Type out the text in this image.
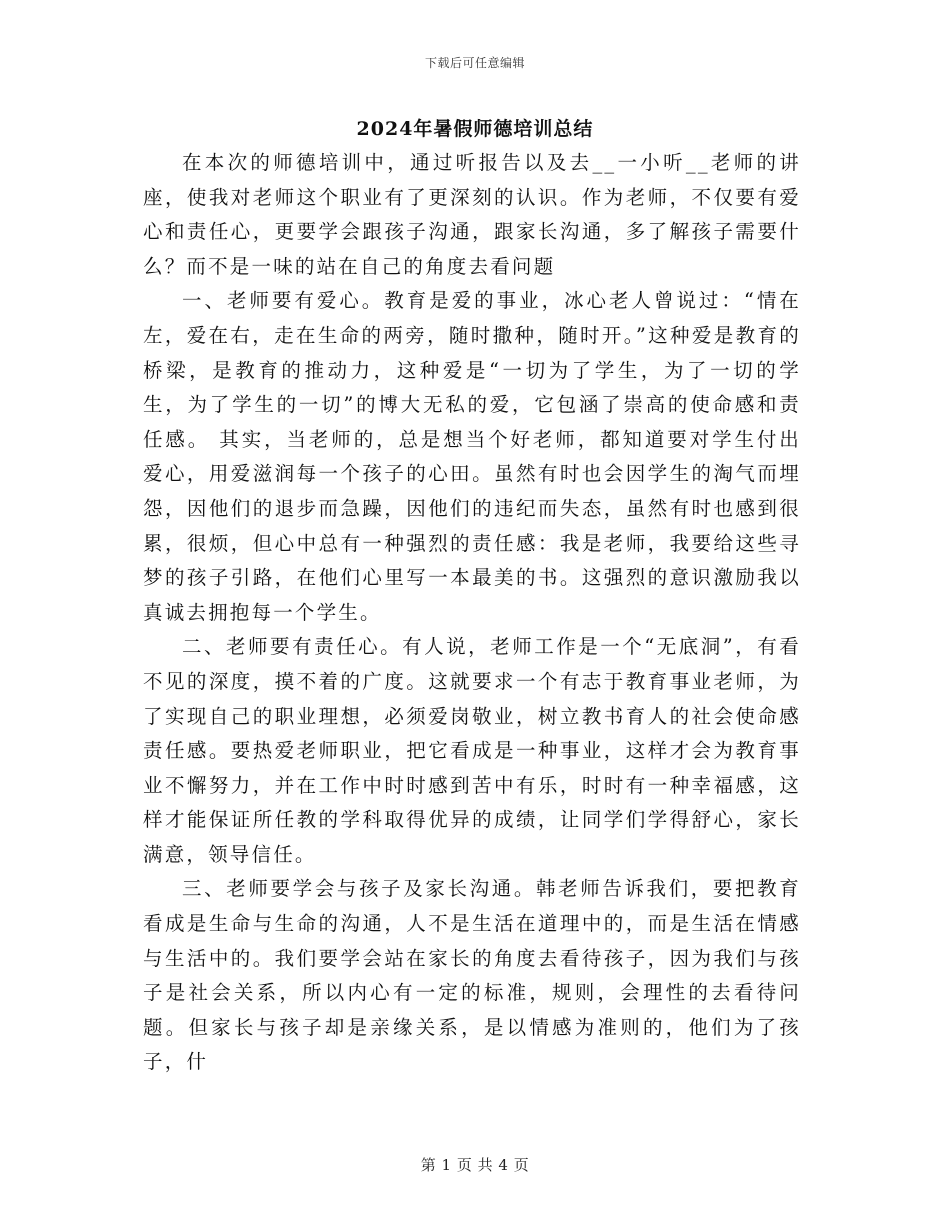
下载后可任意编辑
2024年暑假师德培训总结

在本次的师德培训中，通过听报告以及去__一小听__老师的讲座，使我对老师这个职业有了更深刻的认识。作为老师，不仅要有爱心和责任心，更要学会跟孩子沟通，跟家长沟通，多了解孩子需要什么？而不是一味的站在自己的角度去看问题

一、老师要有爱心。教育是爱的事业，冰心老人曾说过：“情在左，爱在右，走在生命的两旁，随时撒种，随时开。”这种爱是教育的桥梁，是教育的推动力，这种爱是“一切为了学生，为了一切的学生，为了学生的一切”的博大无私的爱，它包涵了崇高的使命感和责任感。 其实，当老师的，总是想当个好老师，都知道要对学生付出爱心，用爱滋润每一个孩子的心田。虽然有时也会因学生的淘气而埋怨，因他们的退步而急躁，因他们的违纪而失态，虽然有时也感到很累，很烦，但心中总有一种强烈的责任感：我是老师，我要给这些寻梦的孩子引路，在他们心里写一本最美的书。这强烈的意识激励我以真诚去拥抱每一个学生。

二、老师要有责任心。有人说，老师工作是一个“无底洞”，有看不见的深度，摸不着的广度。这就要求一个有志于教育事业老师，为了实现自己的职业理想，必须爱岗敬业，树立教书育人的社会使命感责任感。要热爱老师职业，把它看成是一种事业，这样才会为教育事业不懈努力，并在工作中时时感到苦中有乐，时时有一种幸福感，这样才能保证所任教的学科取得优异的成绩，让同学们学得舒心，家长满意，领导信任。

三、老师要学会与孩子及家长沟通。韩老师告诉我们，要把教育看成是生命与生命的沟通，人不是生活在道理中的，而是生活在情感与生活中的。我们要学会站在家长的角度去看待孩子，因为我们与孩子是社会关系，所以内心有一定的标准，规则，会理性的去看待问题。但家长与孩子却是亲缘关系，是以情感为准则的，他们为了孩子，什

第 1 页 共 4 页
